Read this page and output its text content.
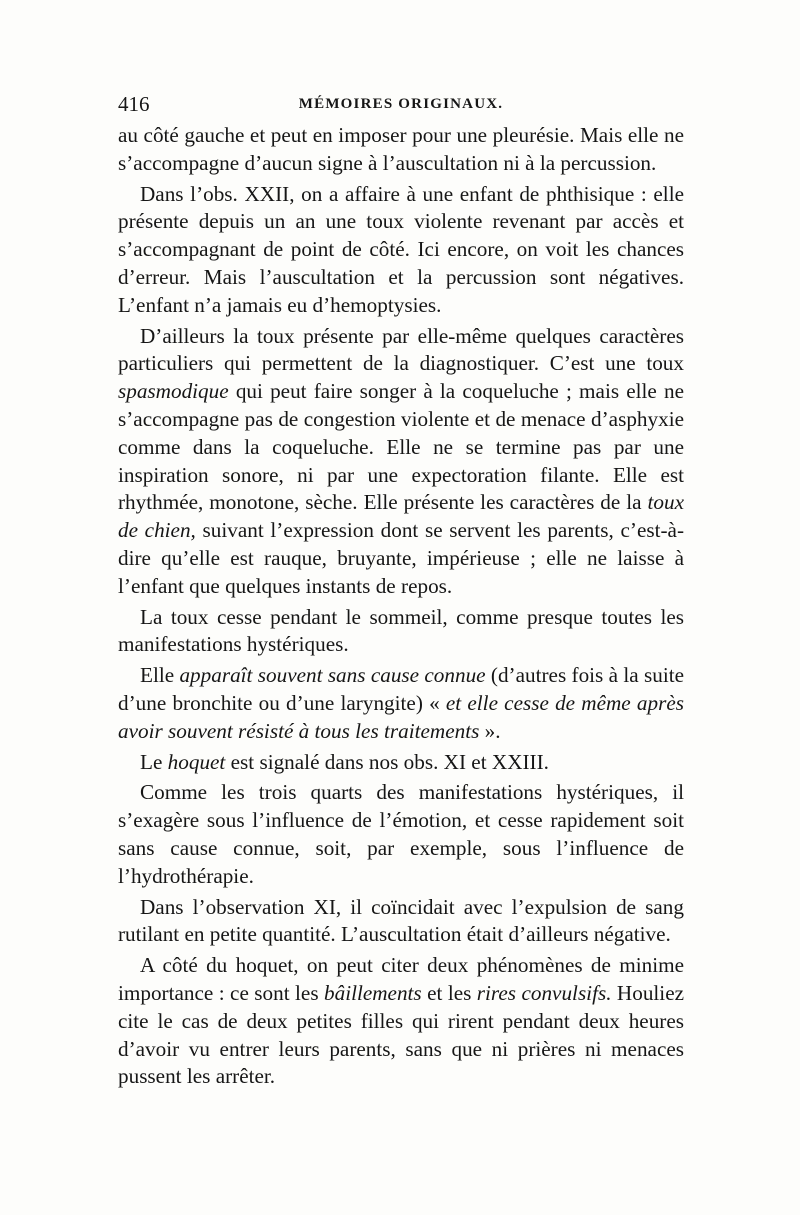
416	MÉMOIRES ORIGINAUX.

au côté gauche et peut en imposer pour une pleurésie. Mais elle ne s’accompagne d’aucun signe à l’auscultation ni à la percussion.

Dans l’obs. XXII, on a affaire à une enfant de phthisique : elle présente depuis un an une toux violente revenant par accès et s’accompagnant de point de côté. Ici encore, on voit les chances d’erreur. Mais l’auscultation et la percussion sont négatives. L’enfant n’a jamais eu d’hemoptysies.

D’ailleurs la toux présente par elle-même quelques caractères particuliers qui permettent de la diagnostiquer. C’est une toux spasmodique qui peut faire songer à la coqueluche ; mais elle ne s’accompagne pas de congestion violente et de menace d’asphyxie comme dans la coqueluche. Elle ne se termine pas par une inspiration sonore, ni par une expectoration filante. Elle est rhythmée, monotone, sèche. Elle présente les caractères de la toux de chien, suivant l’expression dont se servent les parents, c’est-à-dire qu’elle est rauque, bruyante, impérieuse ; elle ne laisse à l’enfant que quelques instants de repos.

La toux cesse pendant le sommeil, comme presque toutes les manifestations hystériques.

Elle apparaît souvent sans cause connue (d’autres fois à la suite d’une bronchite ou d’une laryngite) « et elle cesse de même après avoir souvent résisté à tous les traitements ».

Le hoquet est signalé dans nos obs. XI et XXIII.

Comme les trois quarts des manifestations hystériques, il s’exagère sous l’influence de l’émotion, et cesse rapidement soit sans cause connue, soit, par exemple, sous l’influence de l’hydrothérapie.

Dans l’observation XI, il coïncidait avec l’expulsion de sang rutilant en petite quantité. L’auscultation était d’ailleurs négative.

A côté du hoquet, on peut citer deux phénomènes de minime importance : ce sont les bâillements et les rires convulsifs. Houliez cite le cas de deux petites filles qui rirent pendant deux heures d’avoir vu entrer leurs parents, sans que ni prières ni menaces pussent les arrêter.
